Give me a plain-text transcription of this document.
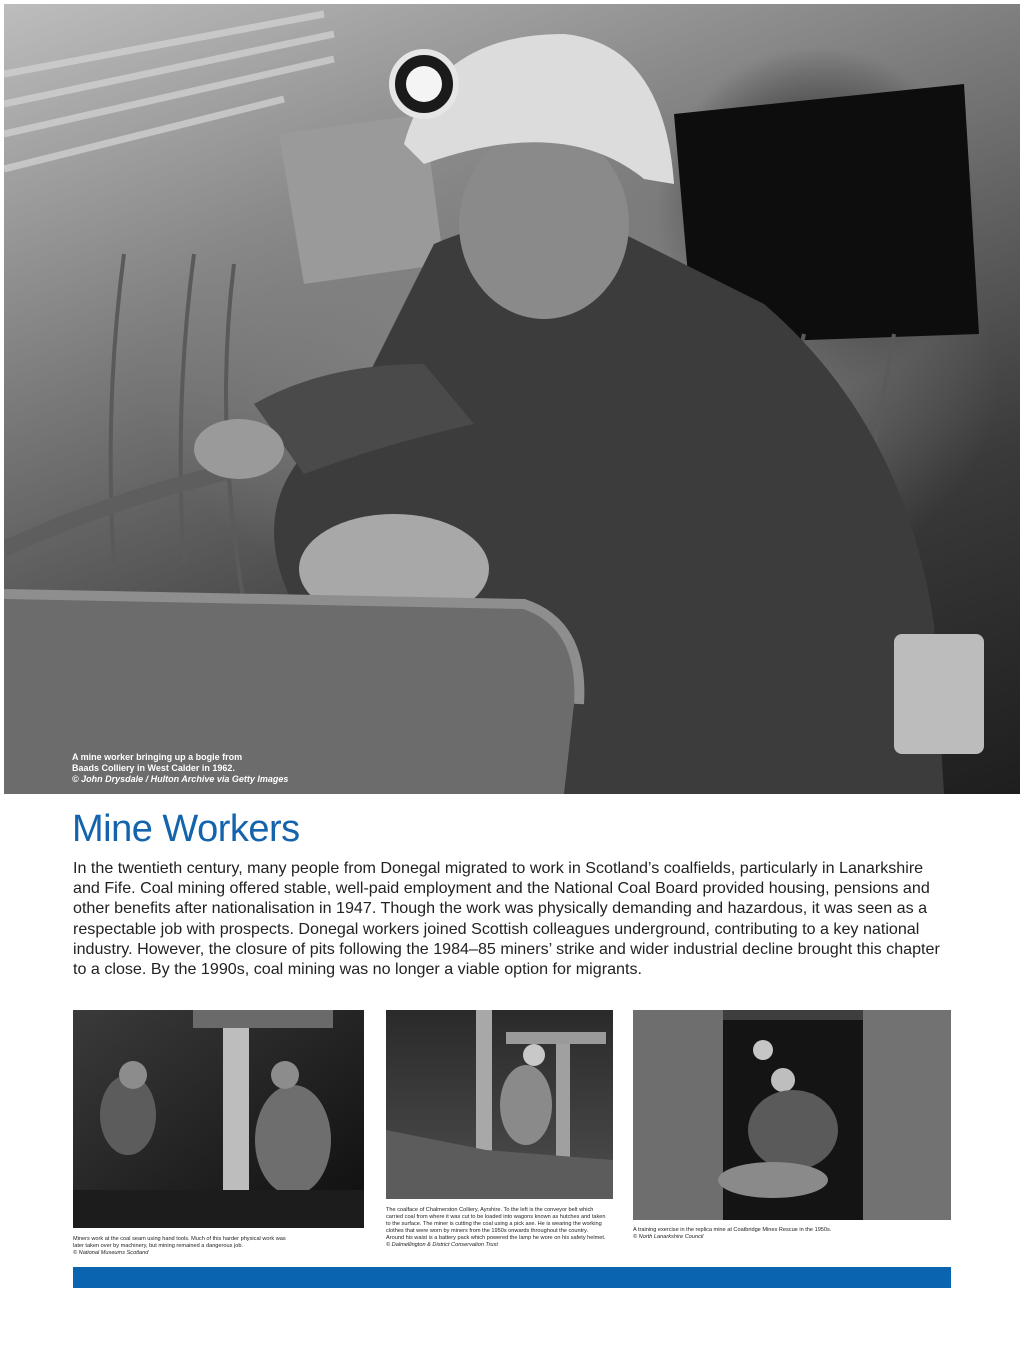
A mine worker bringing up a bogie from
Baads Colliery in West Calder in 1962.
© John Drysdale / Hulton Archive via Getty Images
Mine Workers

In the twentieth century, many people from Donegal migrated to work in Scotland’s coalfields, particularly in Lanarkshire and Fife. Coal mining offered stable, well-paid employment and the National Coal Board provided housing, pensions and other benefits after nationalisation in 1947. Though the work was physically demanding and hazardous, it was seen as a respectable job with prospects. Donegal workers joined Scottish colleagues underground, contributing to a key national industry. However, the closure of pits following the 1984–85 miners’ strike and wider industrial decline brought this chapter to a close. By the 1990s, coal mining was no longer a viable option for migrants.

Miners work at the coal seam using hand tools. Much of this harder physical work was later taken over by machinery, but mining remained a dangerous job.
© National Museums Scotland
The coalface of Chalmerston Colliery, Ayrshire. To the left is the conveyor belt which carried coal from where it was cut to be loaded into wagons known as hutches and taken to the surface. The miner is cutting the coal using a pick axe. He is wearing the working clothes that were worn by miners from the 1950s onwards throughout the country. Around his waist is a battery pack which powered the lamp he wore on his safety helmet.
© Dalmellington & District Conservation Trust
A training exercise in the replica mine at Coatbridge Mines Rescue in the 1950s.
© North Lanarkshire Council
